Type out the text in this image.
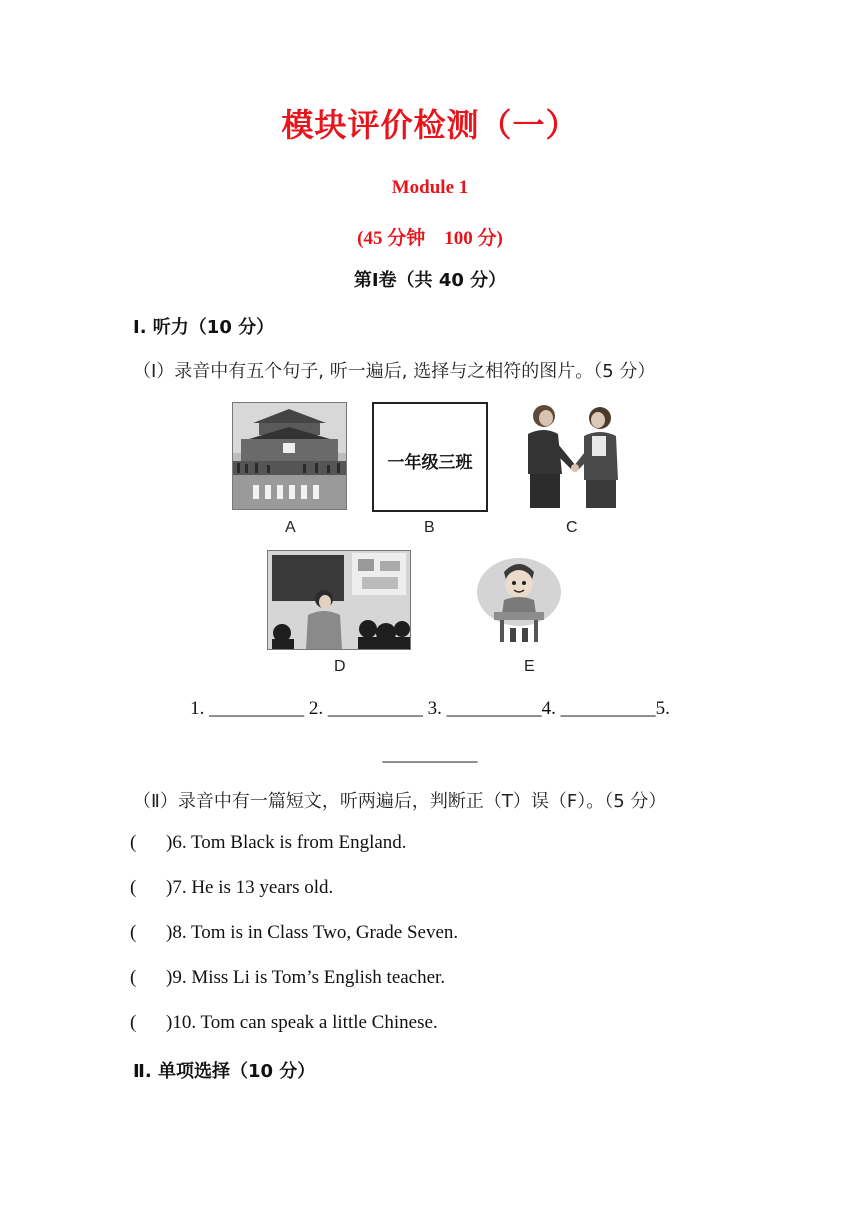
模块评价检测（一）
Module 1
(45 分钟　100 分)
第Ⅰ卷（共 40 分）
Ⅰ. 听力（10 分）
（Ⅰ）录音中有五个句子, 听一遍后, 选择与之相符的图片。（5 分）
A
一年级三班
B	C
D	E
1. __________ 2. __________ 3. __________4. __________5.
__________
（Ⅱ）录音中有一篇短文，听两遍后，判断正（T）误（F）。（5 分）
( )6. Tom Black is from England.
( )7. He is 13 years old.
( )8. Tom is in Class Two, Grade Seven.
( )9. Miss Li is Tom’s English teacher.
( )10. Tom can speak a little Chinese.
Ⅱ. 单项选择（10 分）
